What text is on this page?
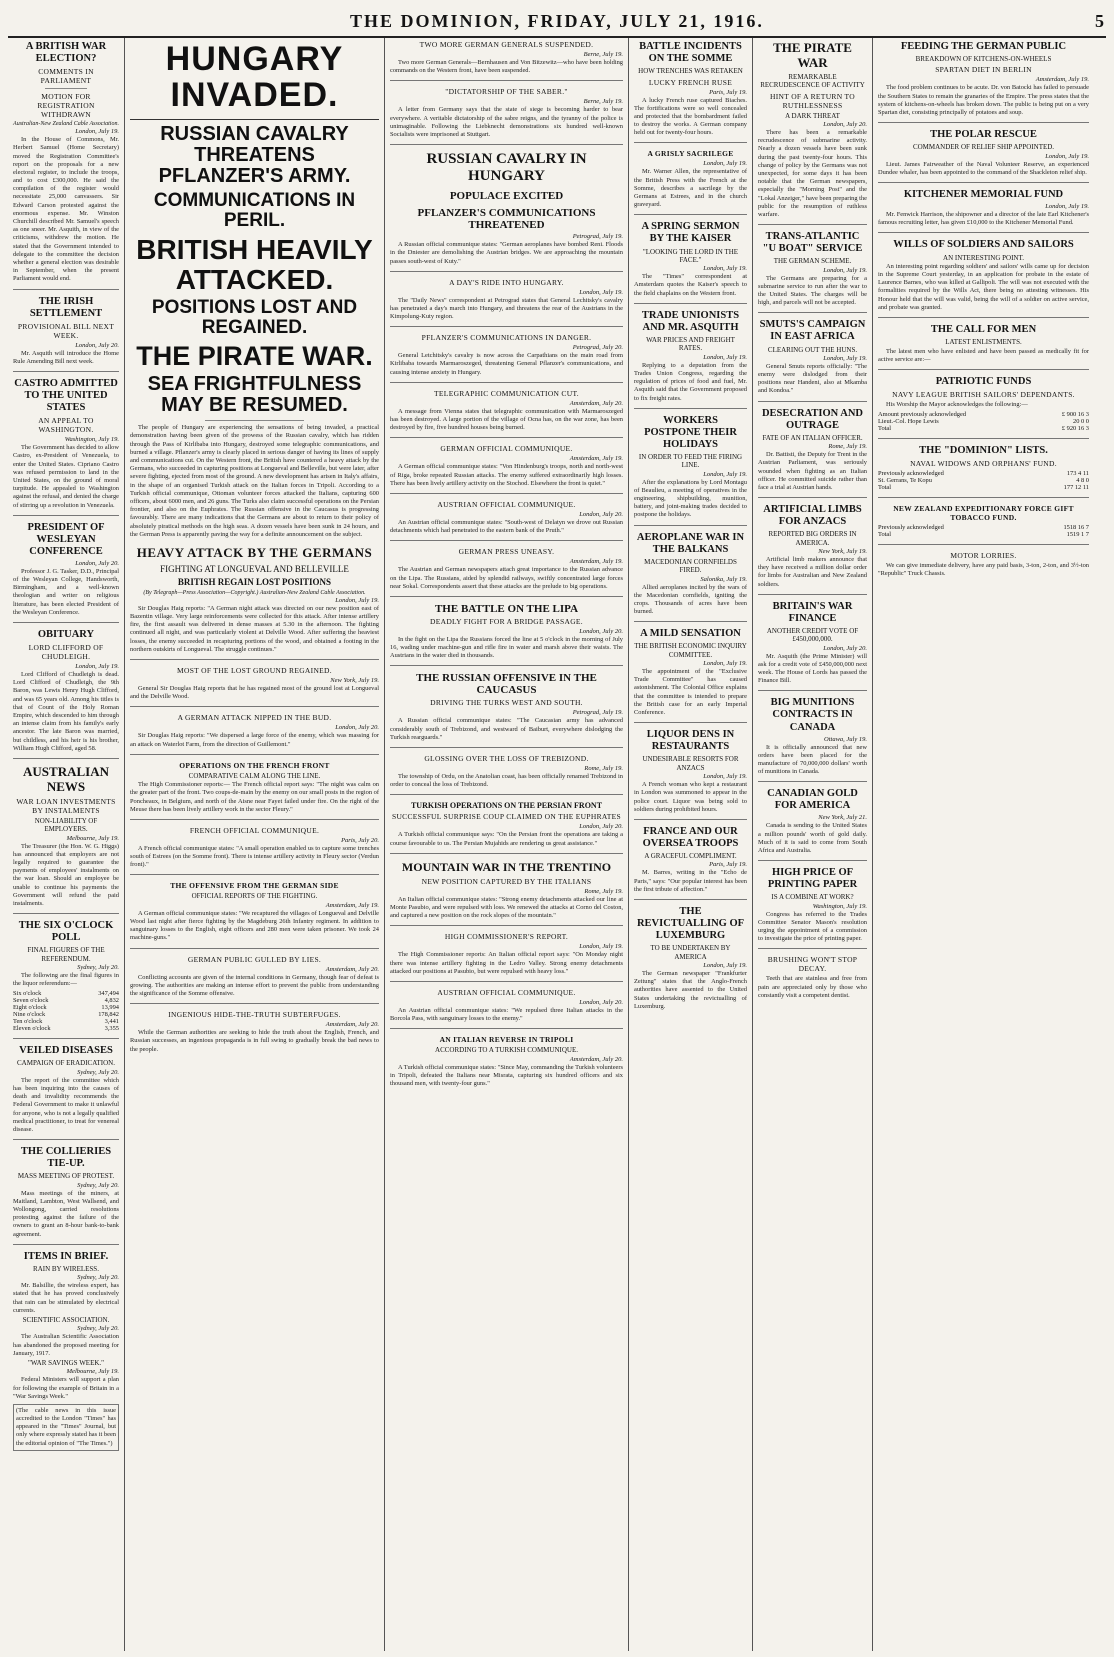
THE DOMINION, FRIDAY, JULY 21, 1916.	5
A BRITISH WAR ELECTION?
COMMENTS IN PARLIAMENT
MOTION FOR REGISTRATION WITHDRAWN
Australian-New Zealand Cable Association.
London, July 19.
In the House of Commons, Mr. Herbert Samuel (Home Secretary) moved the Registration Committee's report on the proposals for a new electoral register, to include the troops, and to cost £300,000. He said the compilation of the register would necessitate 25,000 canvassers. Sir Edward Carson protested against the enormous expense. Mr. Winston Churchill described Mr. Samuel's speech as one sneer. Mr. Asquith, in view of the criticisms, withdrew the motion. He stated that the Government intended to delegate to the committee the decision whether a general election was desirable in September, when the present Parliament would end.
THE IRISH SETTLEMENT
PROVISIONAL BILL NEXT WEEK.
London, July 20.
Mr. Asquith will introduce the Home Rule Amending Bill next week.
CASTRO ADMITTED TO THE UNITED STATES
AN APPEAL TO WASHINGTON.
Washington, July 19.
The Government has decided to allow Castro, ex-President of Venezuela, to enter the United States. Cipriano Castro was refused permission to land in the United States, on the ground of moral turpitude. He appealed to Washington against the refusal, and denied the charge of stirring up a revolution in Venezuela.
PRESIDENT OF WESLEYAN CONFERENCE
London, July 20.
Professor J. G. Tasker, D.D., Principal of the Wesleyan College, Handsworth, Birmingham, and a well-known theologian and writer on religious literature, has been elected President of the Wesleyan Conference.
OBITUARY
LORD CLIFFORD OF CHUDLEIGH.
London, July 19.
Lord Clifford of Chudleigh is dead. Lord Clifford of Chudleigh, the 9th Baron, was Lewis Henry Hugh Clifford, and was 65 years old. Among his titles is that of Count of the Holy Roman Empire, which descended to him through an intense claim from his family's early ancestor. The late Baron was married, but childless, and his heir is his brother, William Hugh Clifford, aged 58.
AUSTRALIAN NEWS
WAR LOAN INVESTMENTS BY INSTALMENTS
NON-LIABILITY OF EMPLOYERS.
Melbourne, July 19.
The Treasurer (the Hon. W. G. Higgs) has announced that employers are not legally required to guarantee the payments of employees' instalments on the war loan. Should an employee be unable to continue his payments the Government will refund the paid instalments.
THE SIX O'CLOCK POLL
FINAL FIGURES OF THE REFERENDUM.
Sydney, July 20.
The following are the final figures in the liquor referendum:—
Six o'clock	347,494
Seven o'clock	4,832
Eight o'clock	13,994
Nine o'clock	178,842
Ten o'clock	3,441
Eleven o'clock	3,355
VEILED DISEASES
CAMPAIGN OF ERADICATION.
Sydney, July 20.
The report of the committee which has been inquiring into the causes of death and invalidity recommends the Federal Government to make it unlawful for anyone, who is not a legally qualified medical practitioner, to treat for venereal disease.
THE COLLIERIES TIE-UP.
MASS MEETING OF PROTEST.
Sydney, July 20.
Mass meetings of the miners, at Maitland, Lambton, West Wallsend, and Wollongong, carried resolutions protesting against the failure of the owners to grant an 8-hour bank-to-bank agreement.
ITEMS IN BRIEF.
RAIN BY WIRELESS.
Sydney, July 20.
Mr. Balsillie, the wireless expert, has stated that he has proved conclusively that rain can be stimulated by electrical currents.
SCIENTIFIC ASSOCIATION.
Sydney, July 20.
The Australian Scientific Association has abandoned the proposed meeting for January, 1917.
"WAR SAVINGS WEEK."
Melbourne, July 19.
Federal Ministers will support a plan for following the example of Britain in a "War Savings Week."
(The cable news in this issue accredited to the London "Times" has appeared in the "Times" Journal, but only where expressly stated has it been the editorial opinion of "The Times.")
HUNGARY INVADED.
RUSSIAN CAVALRY THREATENS PFLANZER'S ARMY.
COMMUNICATIONS IN PERIL.
BRITISH HEAVILY ATTACKED.
POSITIONS LOST AND REGAINED.
THE PIRATE WAR.
SEA FRIGHTFULNESS MAY BE RESUMED.
The people of Hungary are experiencing the sensations of being invaded, a practical demonstration having been given of the prowess of the Russian cavalry, which has ridden through the Pass of Kirlibaba into Hungary, destroyed some telegraphic communications, and burned a village. Pflanzer's army is clearly placed in serious danger of having its lines of supply and communications cut. On the Western front, the British have countered a heavy attack by the Germans, who succeeded in capturing positions at Longueval and Belleville, but were later, after severe fighting, ejected from most of the ground. A new development has arisen in Italy's affairs, in the shape of an organised Turkish attack on the Italian forces in Tripoli. According to a Turkish official communique, Ottoman volunteer forces attacked the Italians, capturing 600 officers, about 6000 men, and 26 guns. The Turks also claim successful operations on the Persian frontier, and also on the Euphrates. The Russian offensive in the Caucasus is progressing favourably. There are many indications that the Germans are about to return to their policy of absolutely piratical methods on the high seas. A dozen vessels have been sunk in 24 hours, and the German Press is apparently paving the way for a definite announcement on the subject.
HEAVY ATTACK BY THE GERMANS
FIGHTING AT LONGUEVAL AND BELLEVILLE
BRITISH REGAIN LOST POSITIONS
(By Telegraph—Press Association—Copyright.) Australian-New Zealand Cable Association.
London, July 19.
Sir Douglas Haig reports: "A German night attack was directed on our new position east of Bazentin village. Very large reinforcements were collected for this attack. After intense artillery fire, the first assault was delivered in dense masses at 5.30 in the afternoon. The fighting continued all night, and was particularly violent at Delville Wood. After suffering the heaviest losses, the enemy succeeded in recapturing portions of the wood, and obtained a footing in the northern outskirts of Longueval. The struggle continues."
MOST OF THE LOST GROUND REGAINED.
New York, July 19.
General Sir Douglas Haig reports that he has regained most of the ground lost at Longueval and the Delville Wood.
A GERMAN ATTACK NIPPED IN THE BUD.
London, July 20.
Sir Douglas Haig reports: "We dispersed a large force of the enemy, which was massing for an attack on Waterlot Farm, from the direction of Guillemont."
OPERATIONS ON THE FRENCH FRONT
COMPARATIVE CALM ALONG THE LINE.
The High Commissioner reports:— The French official report says: "The night was calm on the greater part of the front. Two coups-de-main by the enemy on our small posts in the region of Poncheaux, in Belgium, and north of the Aisne near Fayet failed under fire. On the right of the Meuse there has been lively artillery work in the sector Fleury."
FRENCH OFFICIAL COMMUNIQUE.
Paris, July 20.
A French official communique states: "A small operation enabled us to capture some trenches south of Estrees (on the Somme front). There is intense artillery activity in Fleury sector (Verdun front)."
THE OFFENSIVE FROM THE GERMAN SIDE
OFFICIAL REPORTS OF THE FIGHTING.
Amsterdam, July 19.
A German official communique states: "We recaptured the villages of Longueval and Delville Wood last night after fierce fighting by the Magdeburg 26th Infantry regiment. In addition to sanguinary losses to the English, eight officers and 280 men were taken prisoner. We took 24 machine-guns."
GERMAN PUBLIC GULLED BY LIES.
Amsterdam, July 20.
Conflicting accounts are given of the internal conditions in Germany, though fear of defeat is growing. The authorities are making an intense effort to prevent the public from understanding the significance of the Somme offensive.
INGENIOUS HIDE-THE-TRUTH SUBTERFUGES.
Amsterdam, July 20.
While the German authorities are seeking to hide the truth about the English, French, and Russian successes, an ingenious propaganda is in full swing to gradually break the bad news to the people.
TWO MORE GERMAN GENERALS SUSPENDED.
Berne, July 19.
Two more German Generals—Bernhausen and Von Bitzewitz—who have been holding commands on the Western front, have been suspended.
"DICTATORSHIP OF THE SABER."
Berne, July 19.
A letter from Germany says that the state of siege is becoming harder to bear everywhere. A veritable dictatorship of the sabre reigns, and the tyranny of the police is unimaginable. Following the Liebknecht demonstrations six hundred well-known Socialists were imprisoned at Stuttgart.
RUSSIAN CAVALRY IN HUNGARY
POPULACE EXCITED
PFLANZER'S COMMUNICATIONS THREATENED
Petrograd, July 19.
A Russian official communique states: "German aeroplanes have bombed Reni. Floods in the Dniester are demolishing the Austrian bridges. We are approaching the mountain passes south-west of Kuty."
A DAY'S RIDE INTO HUNGARY.
London, July 19.
The "Daily News" correspondent at Petrograd states that General Lechitsky's cavalry has penetrated a day's march into Hungary, and threatens the rear of the Austrians in the Kimpolung-Kuty region.
PFLANZER'S COMMUNICATIONS IN DANGER.
Petrograd, July 20.
General Letchitsky's cavalry is now across the Carpathians on the main road from Kirlibaba towards Marmaroszeged, threatening General Pflanzer's communications, and causing intense anxiety in Hungary.
TELEGRAPHIC COMMUNICATION CUT.
Amsterdam, July 20.
A message from Vienna states that telegraphic communication with Marmaroszeged has been destroyed. A large portion of the village of Ocna has, on the war zone, has been destroyed by fire, five hundred houses being burned.
GERMAN OFFICIAL COMMUNIQUE.
Amsterdam, July 19.
A German official communique states: "Von Hindenburg's troops, north and north-west of Riga, broke repeated Russian attacks. The enemy suffered extraordinarily high losses. There has been lively artillery activity on the Stochod. Elsewhere the front is quiet."
AUSTRIAN OFFICIAL COMMUNIQUE.
London, July 20.
An Austrian official communique states: "South-west of Delatyn we drove out Russian detachments which had penetrated to the eastern bank of the Pruth."
GERMAN PRESS UNEASY.
Amsterdam, July 19.
The Austrian and German newspapers attach great importance to the Russian advance on the Lipa. The Russians, aided by splendid railways, swiftly concentrated large forces near Sokal. Correspondents assert that these attacks are the prelude to big operations.
THE BATTLE ON THE LIPA
DEADLY FIGHT FOR A BRIDGE PASSAGE.
London, July 20.
In the fight on the Lipa the Russians forced the line at 5 o'clock in the morning of July 16, wading under machine-gun and rifle fire in water and marsh above their waists. The Austrians in the water died in thousands.
THE RUSSIAN OFFENSIVE IN THE CAUCASUS
DRIVING THE TURKS WEST AND SOUTH.
Petrograd, July 19.
A Russian official communique states: "The Caucasian army has advanced considerably south of Trebizond, and westward of Baiburt, everywhere dislodging the Turkish rearguards."
GLOSSING OVER THE LOSS OF TREBIZOND.
Rome, July 19.
The township of Ordu, on the Anatolian coast, has been officially renamed Trebizond in order to conceal the loss of Trebizond.
TURKISH OPERATIONS ON THE PERSIAN FRONT
SUCCESSFUL SURPRISE COUP CLAIMED ON THE EUPHRATES
London, July 20.
A Turkish official communique says: "On the Persian front the operations are taking a course favourable to us. The Persian Mujahids are rendering us great assistance."
MOUNTAIN WAR IN THE TRENTINO
NEW POSITION CAPTURED BY THE ITALIANS
Rome, July 19.
An Italian official communique states: "Strong enemy detachments attacked our line at Monte Pasubio, and were repulsed with loss. We renewed the attacks at Corno del Coston, and captured a new position on the rock slopes of the mountain."
HIGH COMMISSIONER'S REPORT.
London, July 19.
The High Commissioner reports: An Italian official report says: "On Monday night there was intense artillery fighting in the Ledro Valley. Strong enemy detachments attacked our positions at Pasubio, but were repulsed with heavy loss."
AUSTRIAN OFFICIAL COMMUNIQUE.
London, July 20.
An Austrian official communique states: "We repulsed three Italian attacks in the Borcola Pass, with sanguinary losses to the enemy."
AN ITALIAN REVERSE IN TRIPOLI
ACCORDING TO A TURKISH COMMUNIQUE.
Amsterdam, July 20.
A Turkish official communique states: "Since May, commanding the Turkish volunteers in Tripoli, defeated the Italians near Misrata, capturing six hundred officers and six thousand men, with twenty-four guns."
BATTLE INCIDENTS ON THE SOMME
HOW TRENCHES WAS RETAKEN
LUCKY FRENCH RUSE
Paris, July 19.
A lucky French ruse captured Biaches. The fortifications were so well concealed and protected that the bombardment failed to destroy the works. A German company held out for twenty-four hours.
A GRISLY SACRILEGE
London, July 19.
Mr. Warner Allen, the representative of the British Press with the French at the Somme, describes a sacrilege by the Germans at Estrees, and in the church graveyard.
A SPRING SERMON BY THE KAISER
"LOOKING THE LORD IN THE FACE."
London, July 19.
The "Times" correspondent at Amsterdam quotes the Kaiser's speech to the field chaplains on the Western front.
TRADE UNIONISTS AND MR. ASQUITH
WAR PRICES AND FREIGHT RATES.
London, July 19.
Replying to a deputation from the Trades Union Congress, regarding the regulation of prices of food and fuel, Mr. Asquith said that the Government proposed to fix freight rates.
WORKERS POSTPONE THEIR HOLIDAYS
IN ORDER TO FEED THE FIRING LINE.
London, July 19.
After the explanations by Lord Montagu of Beaulieu, a meeting of operatives in the engineering, shipbuilding, munition, battery, and joint-making trades decided to postpone the holidays.
AEROPLANE WAR IN THE BALKANS
MACEDONIAN CORNFIELDS FIRED.
Salonika, July 19.
Allied aeroplanes incited by the wars of the Macedonian cornfields, igniting the crops. Thousands of acres have been burned.
A MILD SENSATION
THE BRITISH ECONOMIC INQUIRY COMMITTEE.
London, July 19.
The appointment of the "Exclusive Trade Committee" has caused astonishment. The Colonial Office explains that the committee is intended to prepare the British case for an early Imperial Conference.
LIQUOR DENS IN RESTAURANTS
UNDESIRABLE RESORTS FOR ANZACS
London, July 19.
A French woman who kept a restaurant in London was summoned to appear in the police court. Liquor was being sold to soldiers during prohibited hours.
FRANCE AND OUR OVERSEA TROOPS
A GRACEFUL COMPLIMENT.
Paris, July 19.
M. Barres, writing in the "Echo de Paris," says: "Our popular interest has been the first tribute of affection."
THE REVICTUALLING OF LUXEMBURG
TO BE UNDERTAKEN BY AMERICA
London, July 19.
The German newspaper "Frankfurter Zeitung" states that the Anglo-French authorities have assented to the United States undertaking the revictualling of Luxemburg.
THE PIRATE WAR
REMARKABLE RECRUDESCENCE OF ACTIVITY
HINT OF A RETURN TO RUTHLESSNESS
A DARK THREAT
London, July 20.
There has been a remarkable recrudescence of submarine activity. Nearly a dozen vessels have been sunk during the past twenty-four hours. This change of policy by the Germans was not unexpected, for some days it has been notable that the German newspapers, especially the "Morning Post" and the "Lokal Anzeiger," have been preparing the public for the resumption of ruthless warfare.
TRANS-ATLANTIC "U BOAT" SERVICE
THE GERMAN SCHEME.
London, July 19.
The Germans are preparing for a submarine service to run after the war to the United States. The charges will be high, and parcels will not be accepted.
SMUTS'S CAMPAIGN IN EAST AFRICA
CLEARING OUT THE HUNS.
London, July 19.
General Smuts reports officially: "The enemy were dislodged from their positions near Handeni, also at Mkamba and Kondoa."
DESECRATION AND OUTRAGE
FATE OF AN ITALIAN OFFICER.
Rome, July 19.
Dr. Battisti, the Deputy for Trent in the Austrian Parliament, was seriously wounded when fighting as an Italian officer. He committed suicide rather than face a trial at Austrian hands.
ARTIFICIAL LIMBS FOR ANZACS
REPORTED BIG ORDERS IN AMERICA.
New York, July 19.
Artificial limb makers announce that they have received a million dollar order for limbs for Australian and New Zealand soldiers.
BRITAIN'S WAR FINANCE
ANOTHER CREDIT VOTE OF £450,000,000.
London, July 20.
Mr. Asquith (the Prime Minister) will ask for a credit vote of £450,000,000 next week. The House of Lords has passed the Finance Bill.
BIG MUNITIONS CONTRACTS IN CANADA
Ottawa, July 19.
It is officially announced that new orders have been placed for the manufacture of 70,000,000 dollars' worth of munitions in Canada.
CANADIAN GOLD FOR AMERICA
New York, July 21.
Canada is sending to the United States a million pounds' worth of gold daily. Much of it is said to come from South Africa and Australia.
HIGH PRICE OF PRINTING PAPER
IS A COMBINE AT WORK?
Washington, July 19.
Congress has referred to the Trades Committee Senator Mason's resolution urging the appointment of a commission to investigate the price of printing paper.
BRUSHING WON'T STOP DECAY.
Teeth that are stainless and free from pain are appreciated only by those who constantly visit a competent dentist.
FEEDING THE GERMAN PUBLIC
BREAKDOWN OF KITCHENS-ON-WHEELS
SPARTAN DIET IN BERLIN
Amsterdam, July 19.
The food problem continues to be acute. Dr. von Batocki has failed to persuade the Southern States to remain the granaries of the Empire. The press states that the system of kitchens-on-wheels has broken down. The public is being put on a very Spartan diet, consisting principally of potatoes and soup.
THE POLAR RESCUE
COMMANDER OF RELIEF SHIP APPOINTED.
London, July 19.
Lieut. James Fairweather of the Naval Volunteer Reserve, an experienced Dundee whaler, has been appointed to the command of the Shackleton relief ship.
KITCHENER MEMORIAL FUND
London, July 19.
Mr. Fenwick Harrison, the shipowner and a director of the late Earl Kitchener's famous recruiting letter, has given £10,000 to the Kitchener Memorial Fund.
WILLS OF SOLDIERS AND SAILORS
AN INTERESTING POINT.
An interesting point regarding soldiers' and sailors' wills came up for decision in the Supreme Court yesterday, in an application for probate in the estate of Laurence Barnes, who was killed at Gallipoli. The will was not executed with the formalities required by the Wills Act, there being no attesting witnesses. His Honour held that the will was valid, being the will of a soldier on active service, and probate was granted.
THE CALL FOR MEN
LATEST ENLISTMENTS.
The latest men who have enlisted and have been passed as medically fit for active service are:—
PATRIOTIC FUNDS
NAVY LEAGUE BRITISH SAILORS' DEPENDANTS.
His Worship the Mayor acknowledges the following:—
Amount previously acknowledged	£ 900 16 3
Lieut.-Col. Hope Lewis	20 0 0
Total	£ 920 16 3
THE "DOMINION" LISTS.
NAVAL WIDOWS AND ORPHANS' FUND.
Previously acknowledged	173 4 11
St. Gerrans, Te Kopu	4 8 0
Total	177 12 11
NEW ZEALAND EXPEDITIONARY FORCE GIFT TOBACCO FUND.
Previously acknowledged	1518 16 7
Total	1519 1 7
MOTOR LORRIES.
We can give immediate delivery, have any paid basis, 3-ton, 2-ton, and 3½-ton "Republic" Truck Chassis.
